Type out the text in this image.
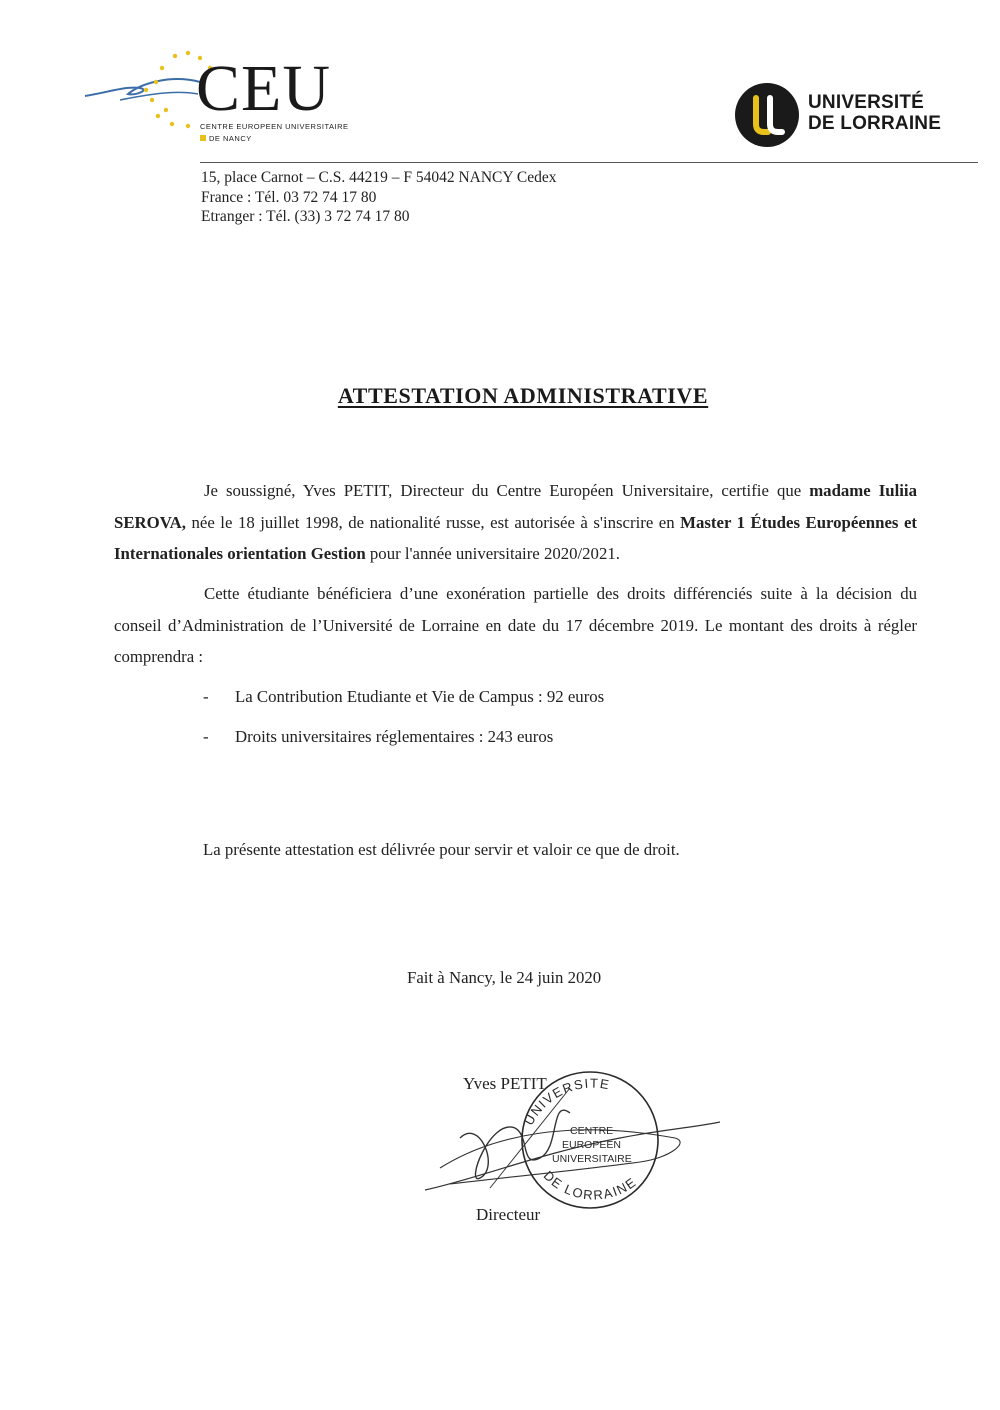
CEU
CENTRE EUROPEEN UNIVERSITAIRE
DE NANCY
UNIVERSITÉ
DE LORRAINE
15, place Carnot – C.S. 44219 – F 54042 NANCY Cedex
France : Tél. 03 72 74 17 80
Etranger : Tél. (33) 3 72 74 17 80
ATTESTATION ADMINISTRATIVE
Je soussigné, Yves PETIT, Directeur du Centre Européen Universitaire, certifie que madame Iuliia SEROVA, née le 18 juillet 1998, de nationalité russe, est autorisée à s'inscrire en Master 1 Études Européennes et Internationales orientation Gestion pour l'année universitaire 2020/2021.
Cette étudiante bénéficiera d’une exonération partielle des droits différenciés suite à la décision du conseil d’Administration de l’Université de Lorraine en date du 17 décembre 2019. Le montant des droits à régler comprendra :
-	La Contribution Etudiante et Vie de Campus : 92 euros
-	Droits universitaires réglementaires : 243 euros
La présente attestation est délivrée pour servir et valoir ce que de droit.
Fait à Nancy, le 24 juin 2020
Yves PETIT
UNIVERSITE
DE LORRAINE
CENTRE
EUROPEEN
UNIVERSITAIRE
Directeur
